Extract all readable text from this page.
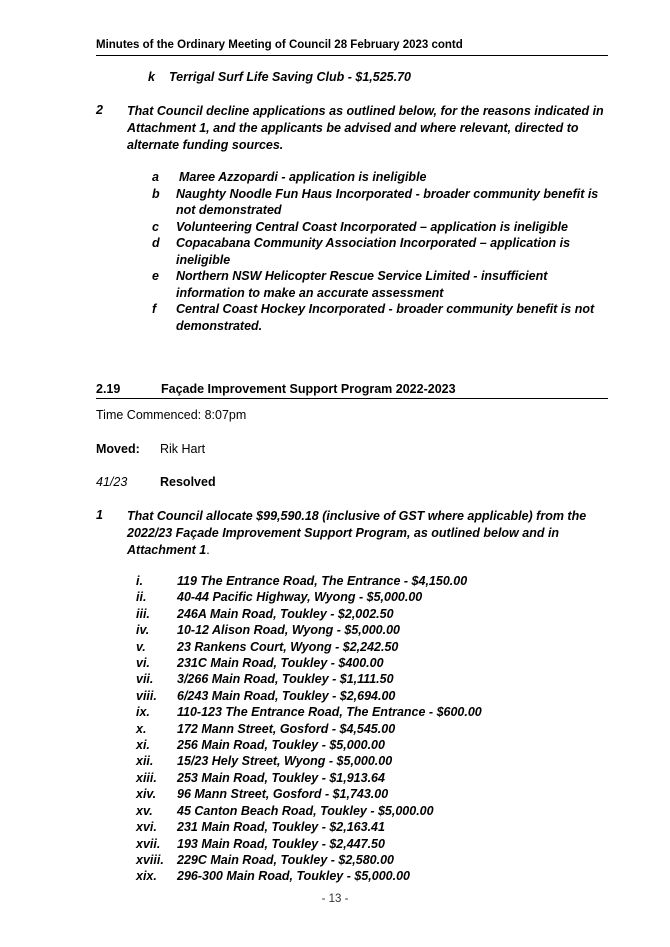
Minutes of the Ordinary Meeting of Council 28 February 2023 contd
k Terrigal Surf Life Saving Club - $1,525.70
2 That Council decline applications as outlined below, for the reasons indicated in Attachment 1, and the applicants be advised and where relevant, directed to alternate funding sources.
a	Maree Azzopardi - application is ineligible
b	Naughty Noodle Fun Haus Incorporated - broader community benefit is not demonstrated
c	Volunteering Central Coast Incorporated – application is ineligible
d	Copacabana Community Association Incorporated – application is ineligible
e	Northern NSW Helicopter Rescue Service Limited - insufficient information to make an accurate assessment
f	Central Coast Hockey Incorporated - broader community benefit is not demonstrated.
2.19	Façade Improvement Support Program 2022-2023
Time Commenced: 8:07pm
Moved: Rik Hart
41/23	Resolved
1 That Council allocate $99,590.18 (inclusive of GST where applicable) from the 2022/23 Façade Improvement Support Program, as outlined below and in Attachment 1.
i.	119 The Entrance Road, The Entrance - $4,150.00
ii.	40-44 Pacific Highway, Wyong - $5,000.00
iii.	246A Main Road, Toukley - $2,002.50
iv.	10-12 Alison Road, Wyong - $5,000.00
v.	23 Rankens Court, Wyong - $2,242.50
vi.	231C Main Road, Toukley - $400.00
vii.	3/266 Main Road, Toukley - $1,111.50
viii.	6/243 Main Road, Toukley - $2,694.00
ix.	110-123 The Entrance Road, The Entrance - $600.00
x.	172 Mann Street, Gosford - $4,545.00
xi.	256 Main Road, Toukley - $5,000.00
xii.	15/23 Hely Street, Wyong - $5,000.00
xiii.	253 Main Road, Toukley - $1,913.64
xiv.	96 Mann Street, Gosford - $1,743.00
xv.	45 Canton Beach Road, Toukley - $5,000.00
xvi.	231 Main Road, Toukley - $2,163.41
xvii.	193 Main Road, Toukley - $2,447.50
xviii.	229C Main Road, Toukley - $2,580.00
xix.	296-300 Main Road, Toukley - $5,000.00
- 13 -
